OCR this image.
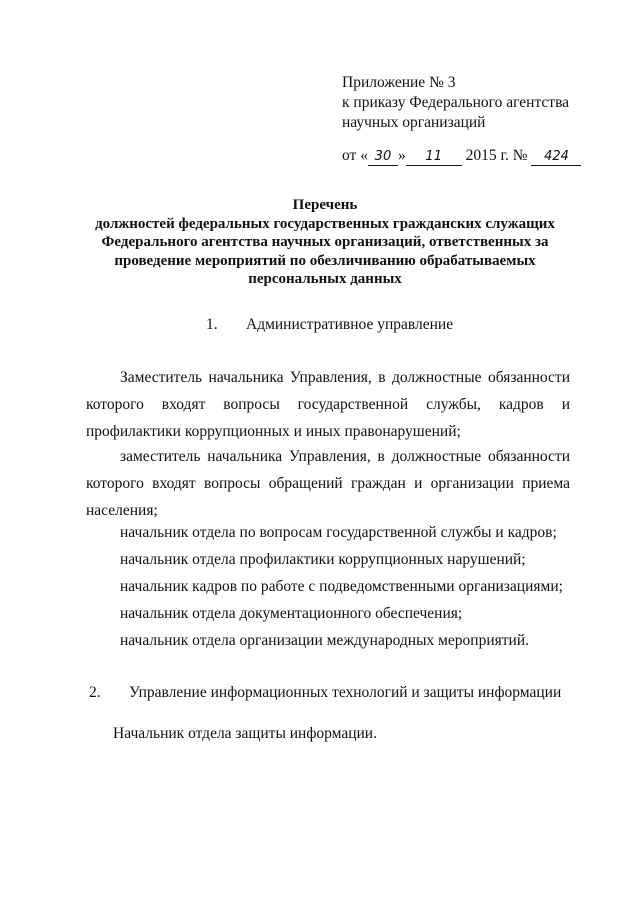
Приложение № 3
к приказу Федерального агентства
научных организаций
от « 30 » 11 2015 г. № 424
Перечень
должностей федеральных государственных гражданских служащих
Федерального агентства научных организаций, ответственных за
проведение мероприятий по обезличиванию обрабатываемых
персональных данных
1. Административное управление
Заместитель начальника Управления, в должностные обязанности которого входят вопросы государственной службы, кадров и профилактики коррупционных и иных правонарушений;
заместитель начальника Управления, в должностные обязанности которого входят вопросы обращений граждан и организации приема населения;
начальник отдела по вопросам государственной службы и кадров;
начальник отдела профилактики коррупционных нарушений;
начальник кадров по работе с подведомственными организациями;
начальник отдела документационного обеспечения;
начальник отдела организации международных мероприятий.
2. Управление информационных технологий и защиты информации
Начальник отдела защиты информации.
